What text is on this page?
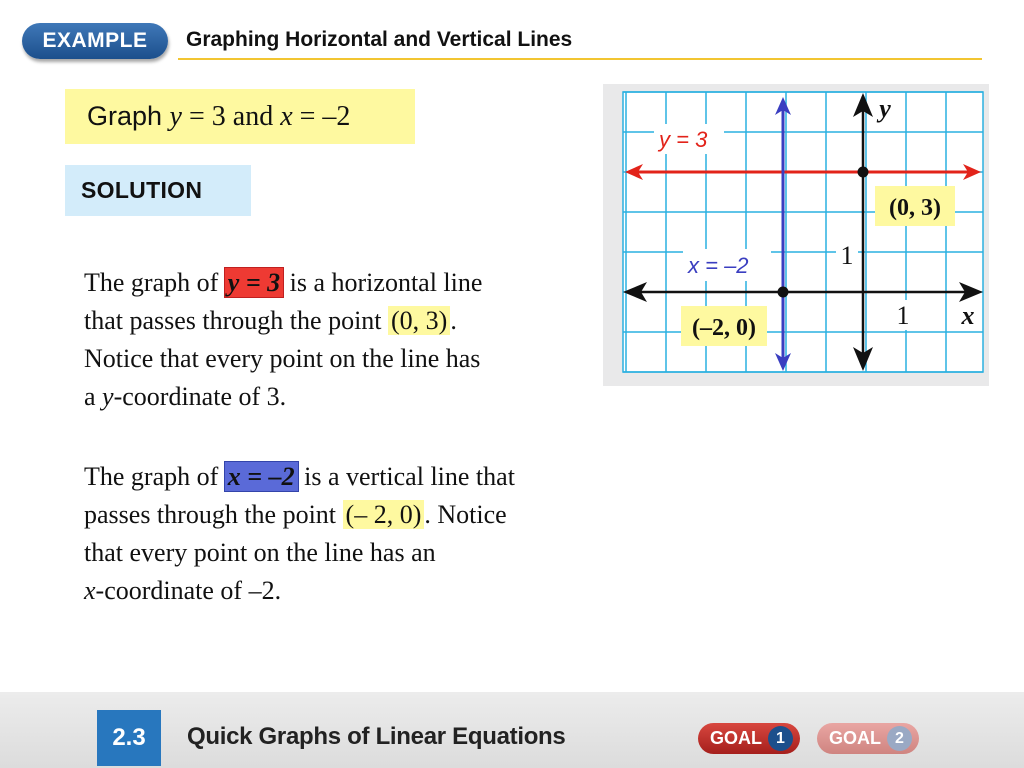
EXAMPLE	Graphing Horizontal and Vertical Lines
Graph y = 3 and x = –2
SOLUTION
The graph of y = 3 is a horizontal line
that passes through the point (0, 3) .
Notice that every point on the line has
a y-coordinate of 3.
The graph of x = –2 is a vertical line that
passes through the point (– 2, 0) . Notice
that every point on the line has an
x-coordinate of –2.
y = 3
x = –2
(0, 3)
(–2, 0)
1
1
y
x
2.3	Quick Graphs of Linear Equations	GOAL 1	GOAL 2
